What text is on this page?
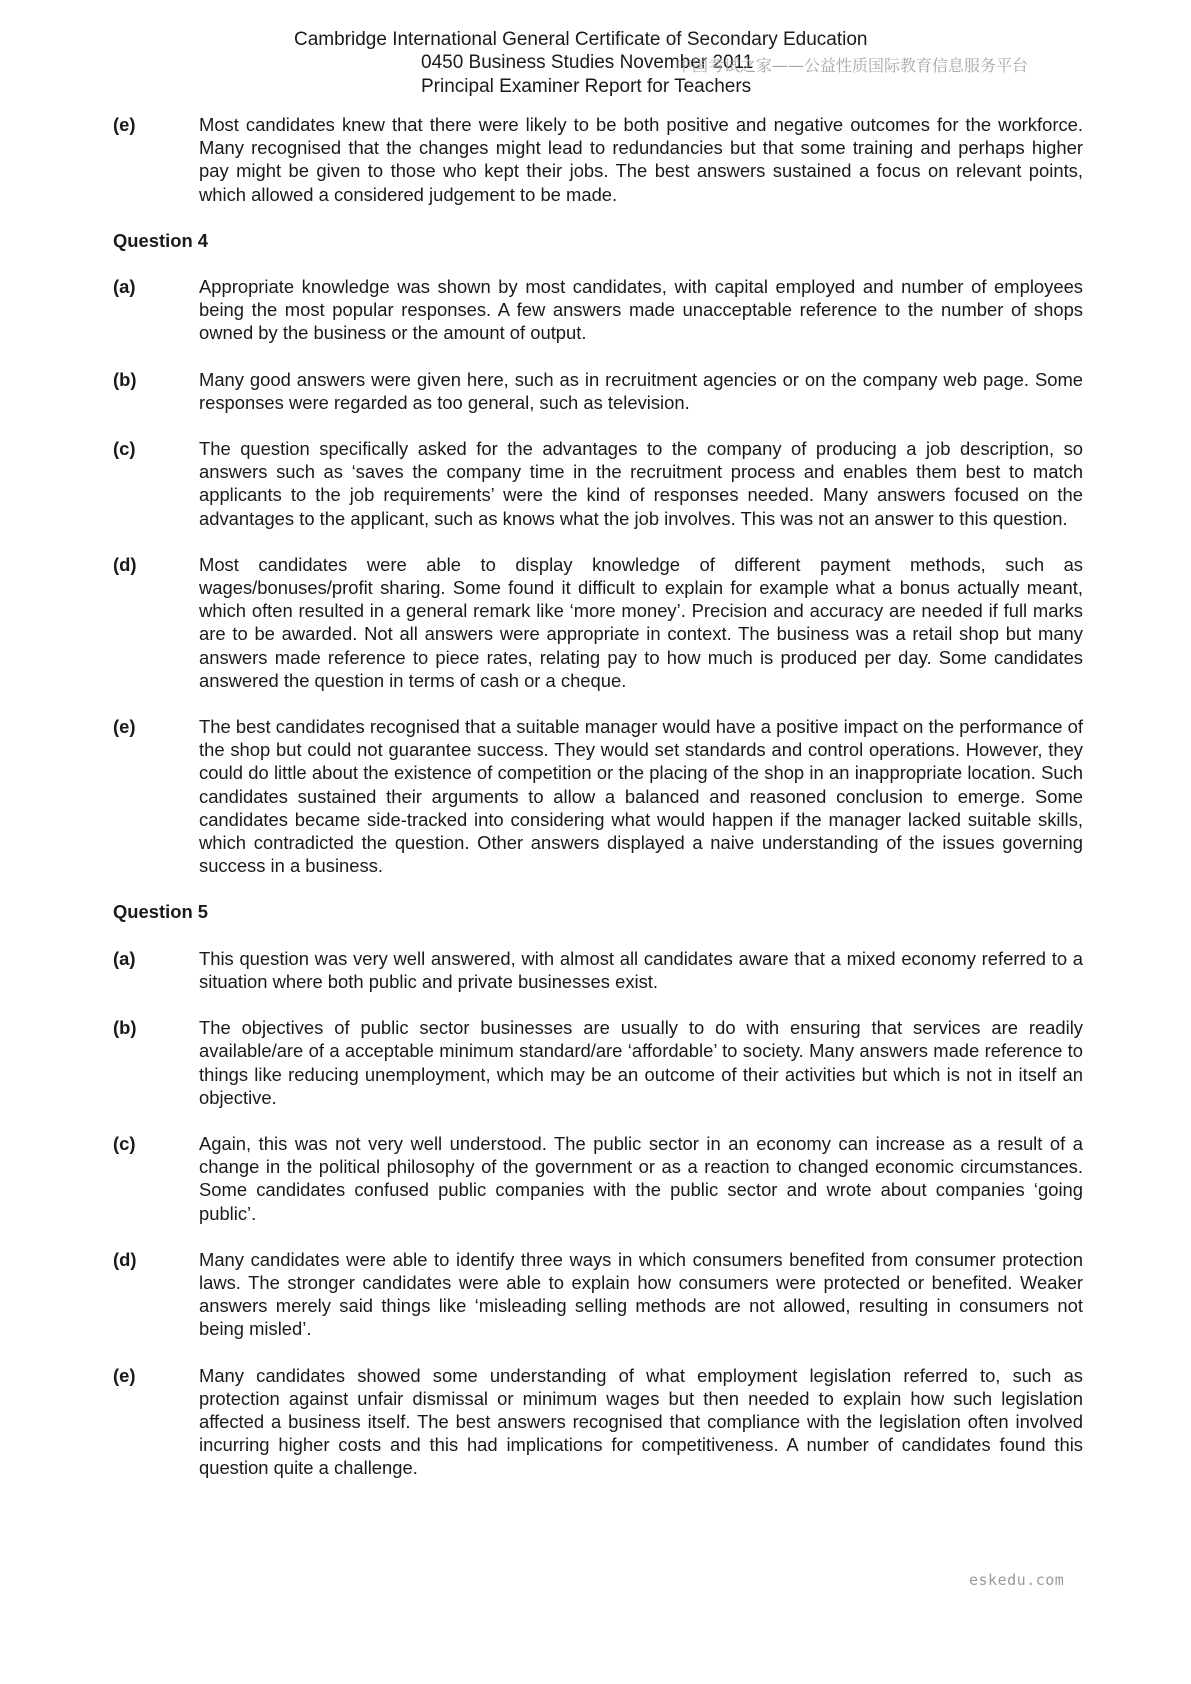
Cambridge International General Certificate of Secondary Education
0450 Business Studies November 2011
Principal Examiner Report for Teachers
中国考试之家——公益性质国际教育信息服务平台
(e)	Most candidates knew that there were likely to be both positive and negative outcomes for the workforce. Many recognised that the changes might lead to redundancies but that some training and perhaps higher pay might be given to those who kept their jobs. The best answers sustained a focus on relevant points, which allowed a considered judgement to be made.
Question 4
(a)	Appropriate knowledge was shown by most candidates, with capital employed and number of employees being the most popular responses. A few answers made unacceptable reference to the number of shops owned by the business or the amount of output.
(b)	Many good answers were given here, such as in recruitment agencies or on the company web page. Some responses were regarded as too general, such as television.
(c)	The question specifically asked for the advantages to the company of producing a job description, so answers such as ‘saves the company time in the recruitment process and enables them best to match applicants to the job requirements’ were the kind of responses needed. Many answers focused on the advantages to the applicant, such as knows what the job involves. This was not an answer to this question.
(d)	Most candidates were able to display knowledge of different payment methods, such as wages/bonuses/profit sharing. Some found it difficult to explain for example what a bonus actually meant, which often resulted in a general remark like ‘more money’. Precision and accuracy are needed if full marks are to be awarded. Not all answers were appropriate in context. The business was a retail shop but many answers made reference to piece rates, relating pay to how much is produced per day. Some candidates answered the question in terms of cash or a cheque.
(e)	The best candidates recognised that a suitable manager would have a positive impact on the performance of the shop but could not guarantee success. They would set standards and control operations. However, they could do little about the existence of competition or the placing of the shop in an inappropriate location. Such candidates sustained their arguments to allow a balanced and reasoned conclusion to emerge. Some candidates became side-tracked into considering what would happen if the manager lacked suitable skills, which contradicted the question. Other answers displayed a naive understanding of the issues governing success in a business.
Question 5
(a)	This question was very well answered, with almost all candidates aware that a mixed economy referred to a situation where both public and private businesses exist.
(b)	The objectives of public sector businesses are usually to do with ensuring that services are readily available/are of a acceptable minimum standard/are ‘affordable’ to society. Many answers made reference to things like reducing unemployment, which may be an outcome of their activities but which is not in itself an objective.
(c)	Again, this was not very well understood. The public sector in an economy can increase as a result of a change in the political philosophy of the government or as a reaction to changed economic circumstances. Some candidates confused public companies with the public sector and wrote about companies ‘going public’.
(d)	Many candidates were able to identify three ways in which consumers benefited from consumer protection laws. The stronger candidates were able to explain how consumers were protected or benefited. Weaker answers merely said things like ‘misleading selling methods are not allowed, resulting in consumers not being misled’.
(e)	Many candidates showed some understanding of what employment legislation referred to, such as protection against unfair dismissal or minimum wages but then needed to explain how such legislation affected a business itself. The best answers recognised that compliance with the legislation often involved incurring higher costs and this had implications for competitiveness. A number of candidates found this question quite a challenge.
eskedu.com
